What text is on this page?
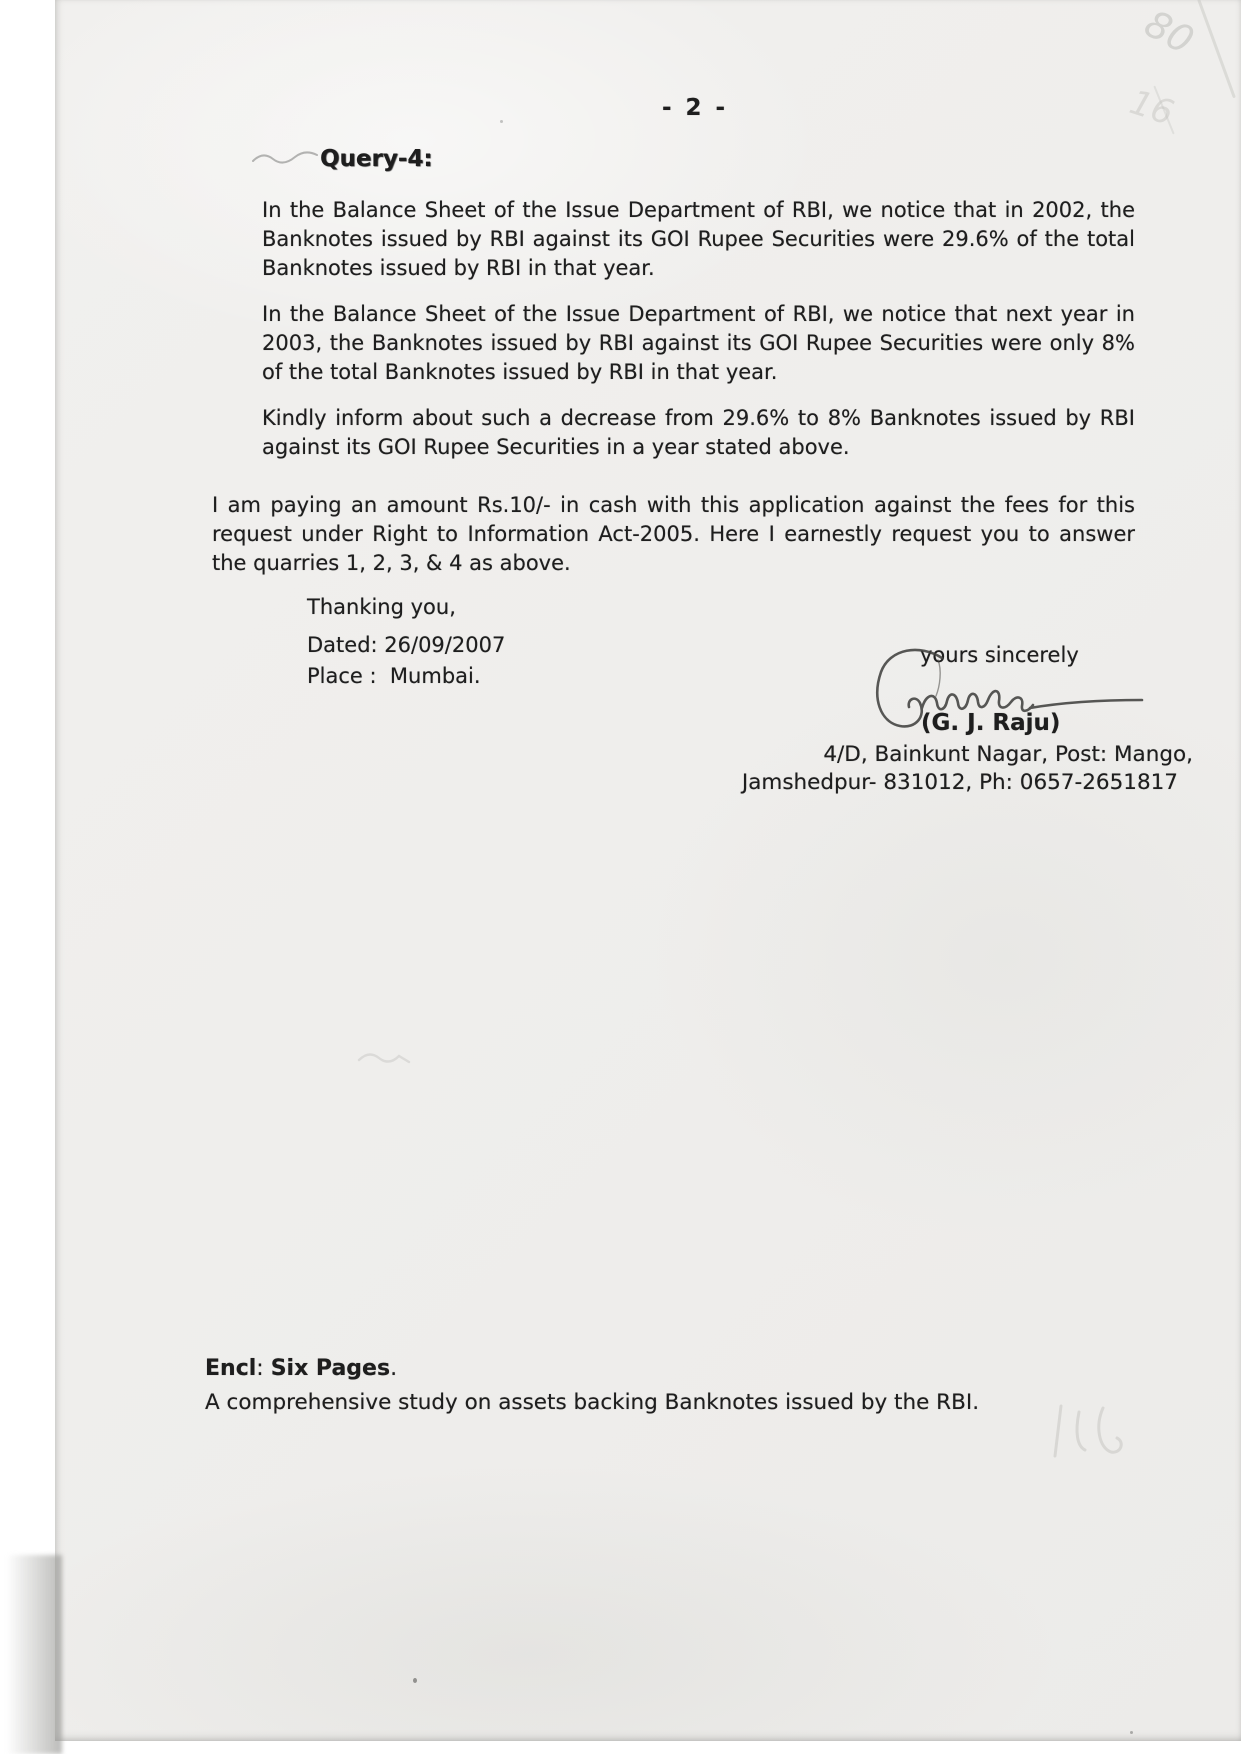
- 2 -
Query-4:
In the Balance Sheet of the Issue Department of RBI, we notice that in 2002, the Banknotes issued by RBI against its GOI Rupee Securities were 29.6% of the total Banknotes issued by RBI in that year.
In the Balance Sheet of the Issue Department of RBI, we notice that next year in 2003, the Banknotes issued by RBI against its GOI Rupee Securities were only 8% of the total Banknotes issued by RBI in that year.
Kindly inform about such a decrease from 29.6% to 8% Banknotes issued by RBI against its GOI Rupee Securities in a year stated above.
I am paying an amount Rs.10/- in cash with this application against the fees for this request under Right to Information Act-2005. Here I earnestly request you to answer the quarries 1, 2, 3, & 4 as above.
Thanking you,
Dated: 26/09/2007
Place :  Mumbai.
yours sincerely
(G. J. Raju)
4/D, Bainkunt Nagar, Post: Mango,
Jamshedpur- 831012, Ph: 0657-2651817
Encl: Six Pages.
A comprehensive study on assets backing Banknotes issued by the RBI.
80
16
